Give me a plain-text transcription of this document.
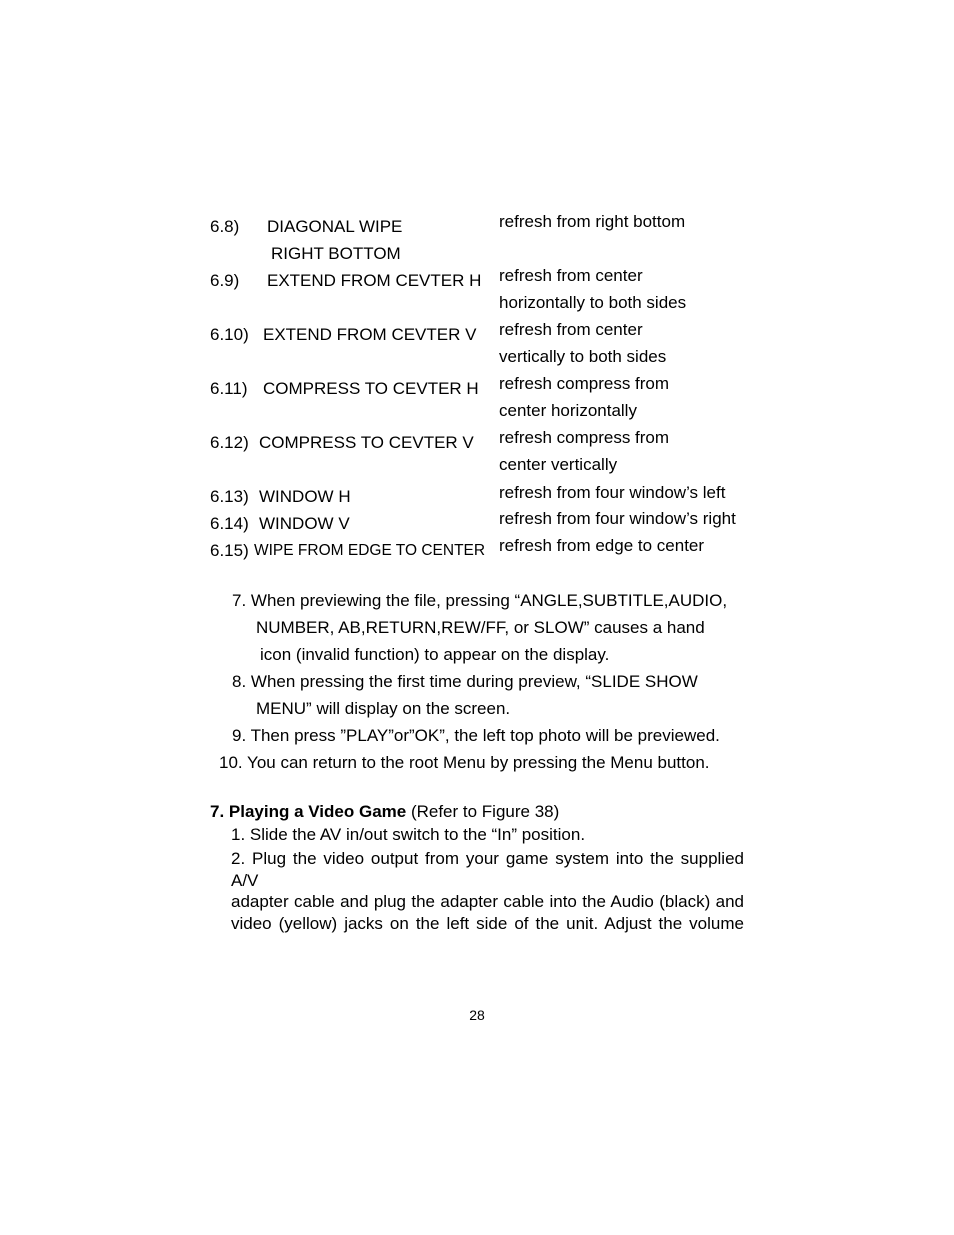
6.8) DIAGONAL WIPE
RIGHT BOTTOM
refresh from right bottom
6.9) EXTEND FROM CEVTER H refresh from center
horizontally to both sides
6.10) EXTEND FROM CEVTER V refresh from center
vertically to both sides
6.11) COMPRESS TO CEVTER H refresh compress from
center horizontally
6.12) COMPRESS TO CEVTER V refresh compress from
center vertically
6.13) WINDOW H	refresh from four window’s left
6.14) WINDOW V	refresh from four window’s right
6.15) WIPE FROM EDGE TO CENTER refresh from edge to center
7. When previewing the file, pressing “ANGLE,SUBTITLE,AUDIO,
NUMBER, AB,RETURN,REW/FF, or SLOW” causes a hand
icon (invalid function) to appear on the display.
8. When pressing the first time during preview, “SLIDE SHOW
MENU” will display on the screen.
9. Then press ”PLAY”or”OK”, the left top photo will be previewed.
10. You can return to the root Menu by pressing the Menu button.
7. Playing a Video Game (Refer to Figure 38)
1. Slide the AV in/out switch to the “In” position.
2. Plug the video output from your game system into the supplied A/V
adapter cable and plug the adapter cable into the Audio (black) and
video (yellow) jacks on the left side of the unit. Adjust the volume
28
